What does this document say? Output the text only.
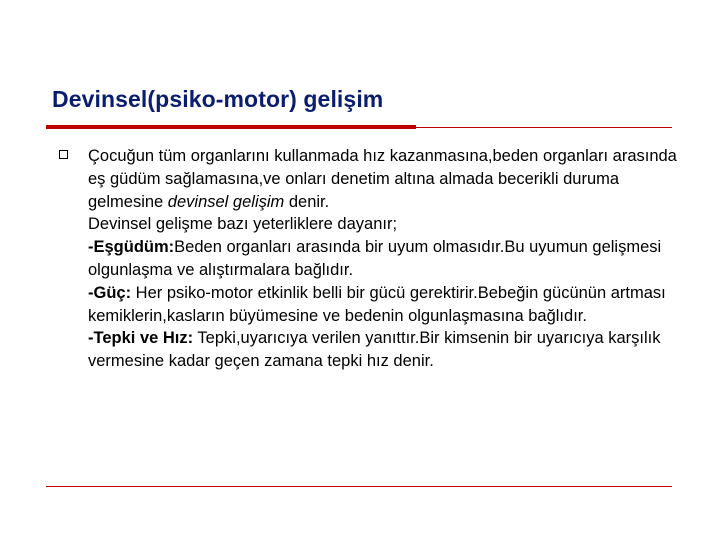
Devinsel(psiko-motor) gelişim

Çocuğun tüm organlarını kullanmada hız kazanmasına,beden organları arasında eş güdüm sağlamasına,ve onları denetim altına almada becerikli duruma gelmesine devinsel gelişim denir.

Devinsel gelişme bazı yeterliklere dayanır;

-Eşgüdüm:Beden organları arasında bir uyum olmasıdır.Bu uyumun gelişmesi olgunlaşma ve alıştırmalara bağlıdır.

-Güç: Her psiko-motor etkinlik belli bir gücü gerektirir.Bebeğin gücünün artması kemiklerin,kasların büyümesine ve bedenin olgunlaşmasına bağlıdır.

-Tepki ve Hız: Tepki,uyarıcıya verilen yanıttır.Bir kimsenin bir uyarıcıya karşılık vermesine kadar geçen zamana tepki hız denir.
